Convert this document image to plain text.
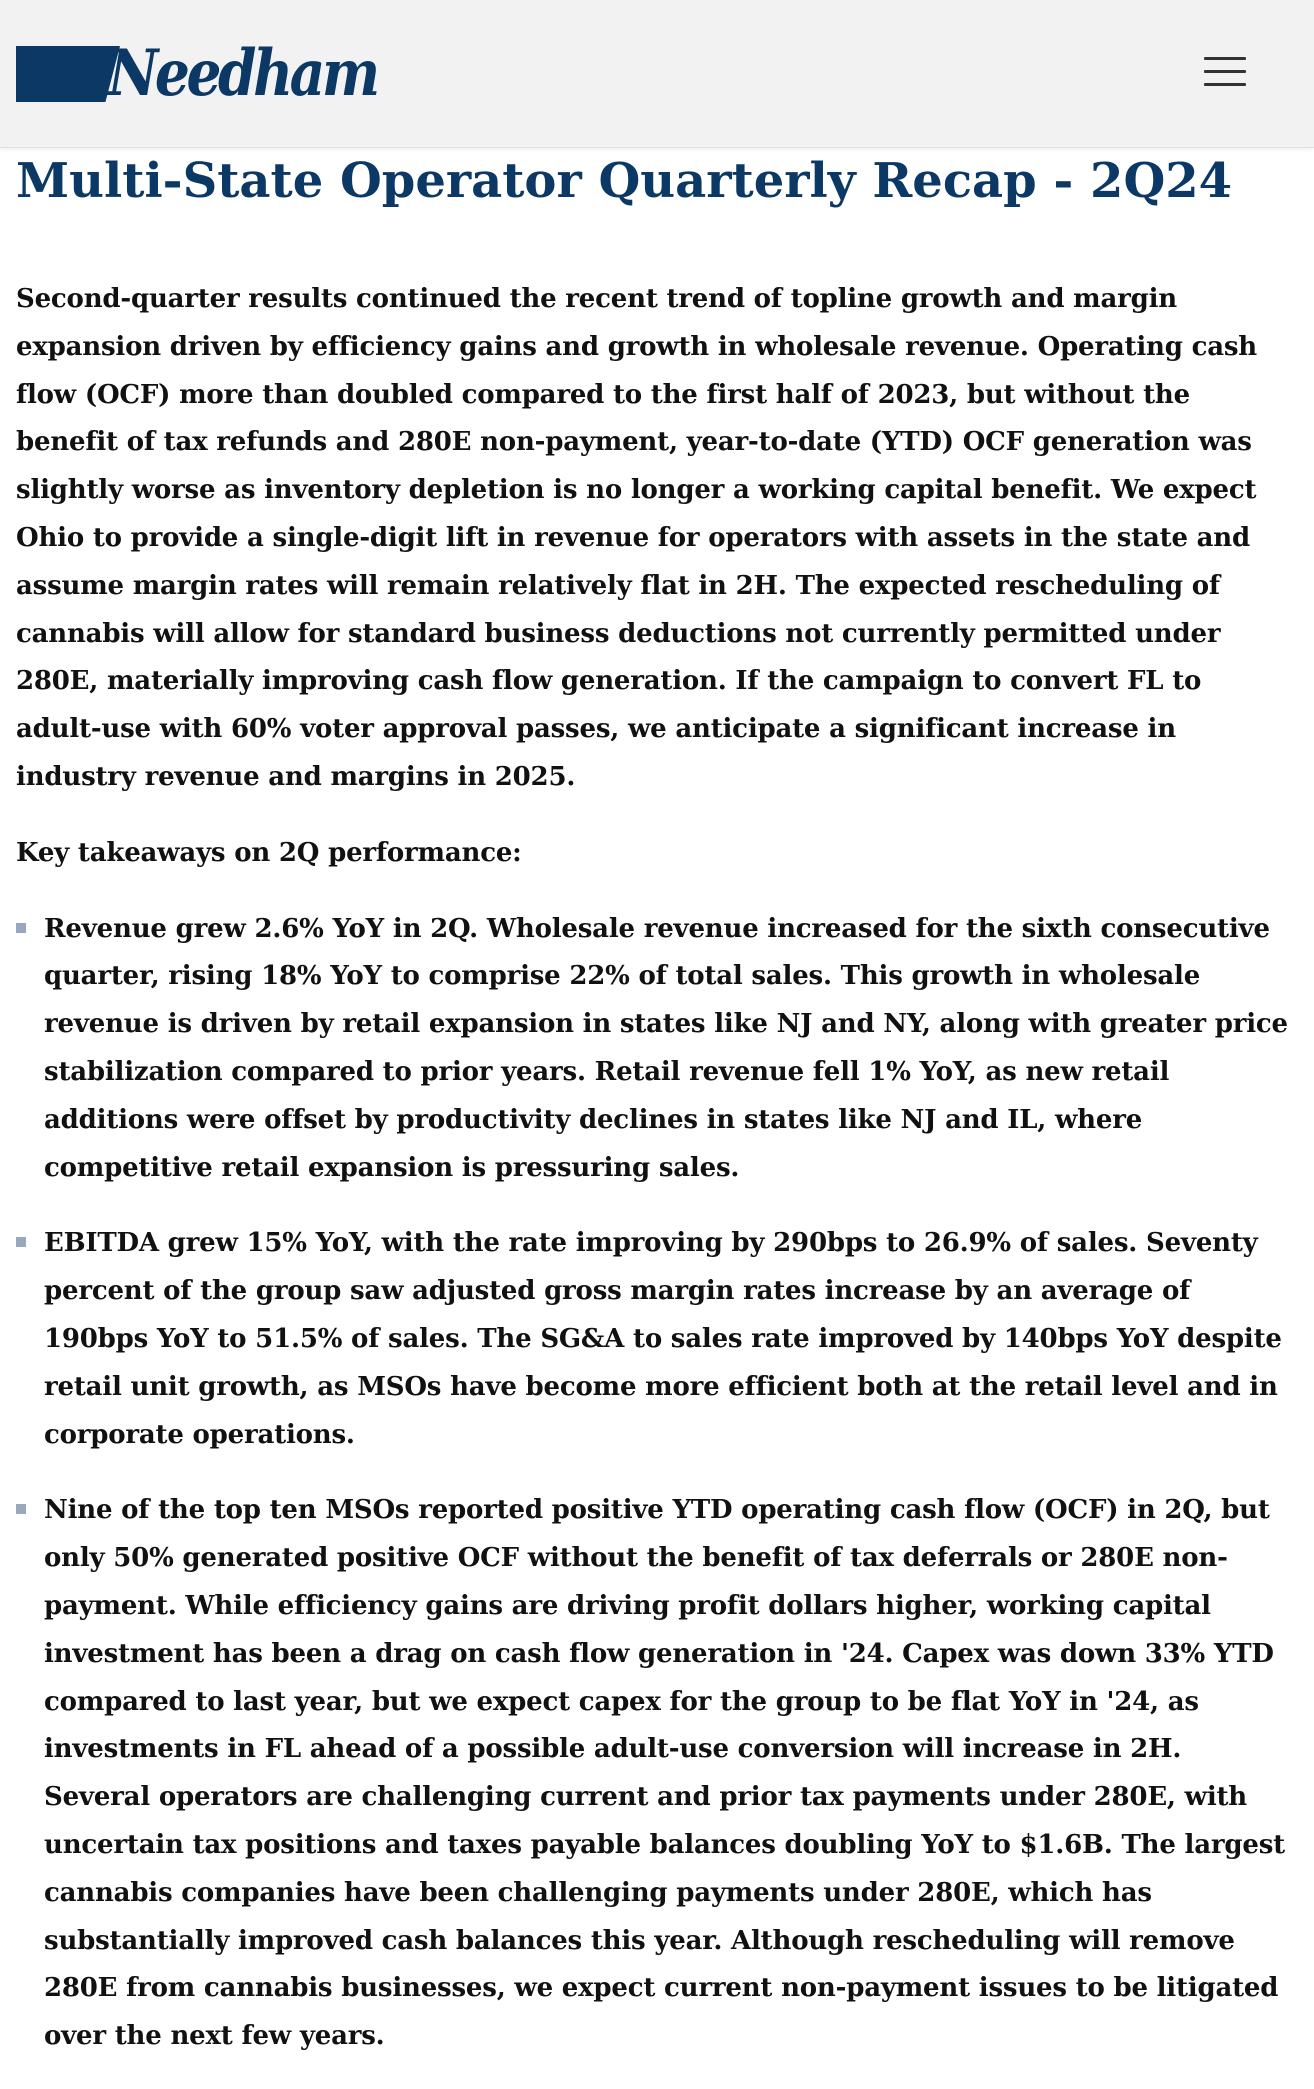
Needham
Multi-State Operator Quarterly Recap - 2Q24

Second-quarter results continued the recent trend of topline growth and margin expansion driven by efficiency gains and growth in wholesale revenue. Operating cash flow (OCF) more than doubled compared to the first half of 2023, but without the benefit of tax refunds and 280E non-payment, year-to-date (YTD) OCF generation was slightly worse as inventory depletion is no longer a working capital benefit. We expect Ohio to provide a single-digit lift in revenue for operators with assets in the state and assume margin rates will remain relatively flat in 2H. The expected rescheduling of cannabis will allow for standard business deductions not currently permitted under 280E, materially improving cash flow generation. If the campaign to convert FL to adult-use with 60% voter approval passes, we anticipate a significant increase in industry revenue and margins in 2025.

Key takeaways on 2Q performance:

Revenue grew 2.6% YoY in 2Q. Wholesale revenue increased for the sixth consecutive quarter, rising 18% YoY to comprise 22% of total sales. This growth in wholesale revenue is driven by retail expansion in states like NJ and NY, along with greater price stabilization compared to prior years. Retail revenue fell 1% YoY, as new retail additions were offset by productivity declines in states like NJ and IL, where competitive retail expansion is pressuring sales.
EBITDA grew 15% YoY, with the rate improving by 290bps to 26.9% of sales. Seventy percent of the group saw adjusted gross margin rates increase by an average of 190bps YoY to 51.5% of sales. The SG&A to sales rate improved by 140bps YoY despite retail unit growth, as MSOs have become more efficient both at the retail level and in corporate operations.
Nine of the top ten MSOs reported positive YTD operating cash flow (OCF) in 2Q, but only 50% generated positive OCF without the benefit of tax deferrals or 280E non-payment. While efficiency gains are driving profit dollars higher, working capital investment has been a drag on cash flow generation in '24. Capex was down 33% YTD compared to last year, but we expect capex for the group to be flat YoY in '24, as investments in FL ahead of a possible adult-use conversion will increase in 2H. Several operators are challenging current and prior tax payments under 280E, with uncertain tax positions and taxes payable balances doubling YoY to $1.6B. The largest cannabis companies have been challenging payments under 280E, which has substantially improved cash balances this year. Although rescheduling will remove 280E from cannabis businesses, we expect current non-payment issues to be litigated over the next few years.
